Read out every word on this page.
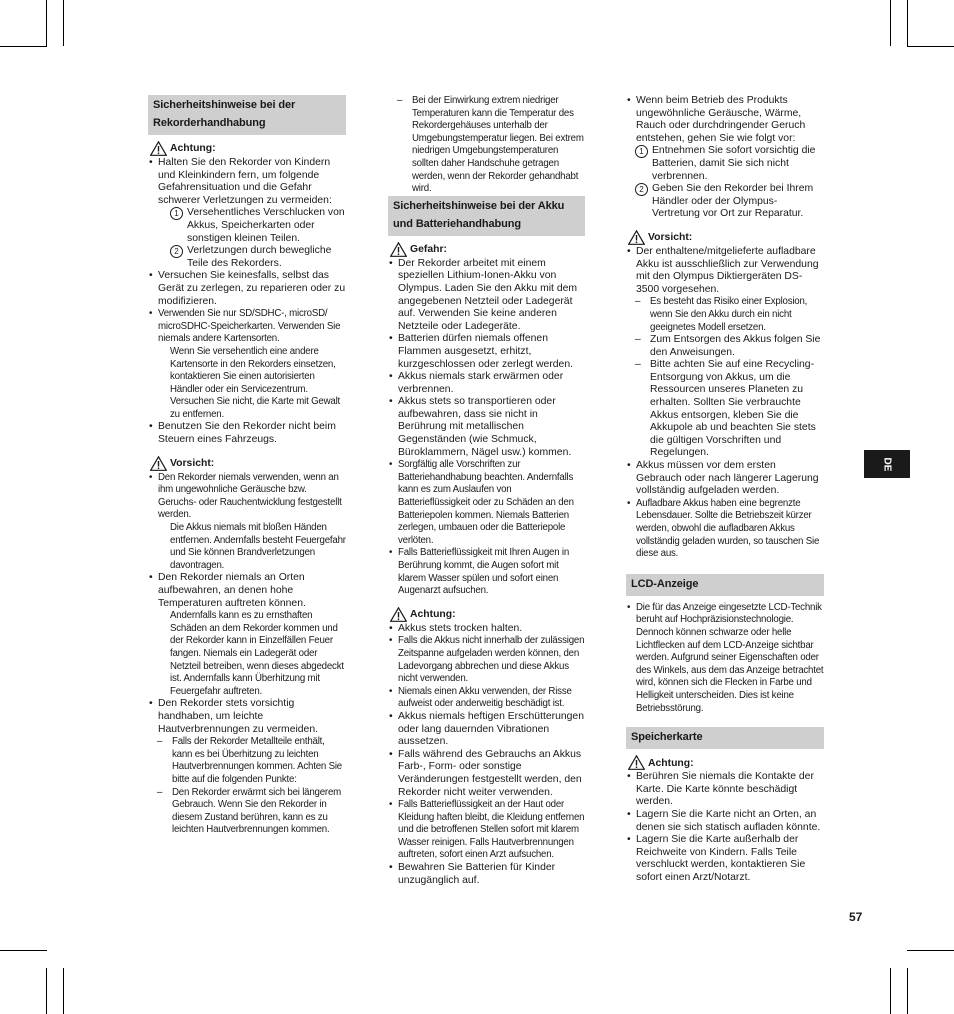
Sicherheitshinweise bei der Rekorderhandhabung
Achtung:
• Halten Sie den Rekorder von Kindern und Kleinkindern fern, um folgende Gefahrensituation und die Gefahr schwerer Verletzungen zu vermeiden:
1 Versehentliches Verschlucken von Akkus, Speicherkarten oder sonstigen kleinen Teilen.
2 Verletzungen durch bewegliche Teile des Rekorders.
• Versuchen Sie keinesfalls, selbst das Gerät zu zerlegen, zu reparieren oder zu modifizieren.
• Verwenden Sie nur SD/SDHC-, microSD/ microSDHC-Speicherkarten. Verwenden Sie niemals andere Kartensorten.
Wenn Sie versehentlich eine andere Kartensorte in den Rekorders einsetzen, kontaktieren Sie einen autorisierten Händler oder ein Servicezentrum. Versuchen Sie nicht, die Karte mit Gewalt zu entfernen.
• Benutzen Sie den Rekorder nicht beim Steuern eines Fahrzeugs.
Vorsicht:
• Den Rekorder niemals verwenden, wenn an ihm ungewohnliche Geräusche bzw. Geruchs- oder Rauchentwicklung festgestellt werden.
Die Akkus niemals mit bloßen Händen entfernen. Andernfalls besteht Feuergefahr und Sie können Brandverletzungen davontragen.
• Den Rekorder niemals an Orten aufbewahren, an denen hohe Temperaturen auftreten können.
Andernfalls kann es zu ernsthaften Schäden an dem Rekorder kommen und der Rekorder kann in Einzelfällen Feuer fangen. Niemals ein Ladegerät oder Netzteil betreiben, wenn dieses abgedeckt ist. Andernfalls kann Überhitzung mit Feuergefahr auftreten.
• Den Rekorder stets vorsichtig handhaben, um leichte Hautverbrennungen zu vermeiden.
–	Falls der Rekorder Metallteile enthält, kann es bei Überhitzung zu leichten Hautverbrennungen kommen. Achten Sie bitte auf die folgenden Punkte:
–	Den Rekorder erwärmt sich bei längerem Gebrauch. Wenn Sie den Rekorder in diesem Zustand berühren, kann es zu leichten Hautverbrennungen kommen.
–	Bei der Einwirkung extrem niedriger Temperaturen kann die Temperatur des Rekordergehäuses unterhalb der Umgebungstemperatur liegen. Bei extrem niedrigen Umgebungstemperaturen sollten daher Handschuhe getragen werden, wenn der Rekorder gehandhabt wird.
Sicherheitshinweise bei der Akku und Batteriehandhabung
Gefahr:
• Der Rekorder arbeitet mit einem speziellen Lithium-Ionen-Akku von Olympus. Laden Sie den Akku mit dem angegebenen Netzteil oder Ladegerät auf. Verwenden Sie keine anderen Netzteile oder Ladegeräte.
• Batterien dürfen niemals offenen Flammen ausgesetzt, erhitzt, kurzgeschlossen oder zerlegt werden.
• Akkus niemals stark erwärmen oder verbrennen.
• Akkus stets so transportieren oder aufbewahren, dass sie nicht in Berührung mit metallischen Gegenständen (wie Schmuck, Büroklammern, Nägel usw.) kommen.
• Sorgfältig alle Vorschriften zur Batteriehandhabung beachten. Andernfalls kann es zum Auslaufen von Batterieflüssigkeit oder zu Schäden an den Batteriepolen kommen. Niemals Batterien zerlegen, umbauen oder die Batteriepole verlöten.
• Falls Batterieflüssigkeit mit Ihren Augen in Berührung kommt, die Augen sofort mit klarem Wasser spülen und sofort einen Augenarzt aufsuchen.
Achtung:
• Akkus stets trocken halten.
• Falls die Akkus nicht innerhalb der zulässigen Zeitspanne aufgeladen werden können, den Ladevorgang abbrechen und diese Akkus nicht verwenden.
• Niemals einen Akku verwenden, der Risse aufweist oder anderweitig beschädigt ist.
• Akkus niemals heftigen Erschütterungen oder lang dauernden Vibrationen aussetzen.
• Falls während des Gebrauchs an Akkus Farb-, Form- oder sonstige Veränderungen festgestellt werden, den Rekorder nicht weiter verwenden.
• Falls Batterieflüssigkeit an der Haut oder Kleidung haften bleibt, die Kleidung entfernen und die betroffenen Stellen sofort mit klarem Wasser reinigen. Falls Hautverbrennungen auftreten, sofort einen Arzt aufsuchen.
• Bewahren Sie Batterien für Kinder unzugänglich auf.
• Wenn beim Betrieb des Produkts ungewöhnliche Geräusche, Wärme, Rauch oder durchdringender Geruch entstehen, gehen Sie wie folgt vor:
1 Entnehmen Sie sofort vorsichtig die Batterien, damit Sie sich nicht verbrennen.
2 Geben Sie den Rekorder bei Ihrem Händler oder der Olympus-Vertretung vor Ort zur Reparatur.
Vorsicht:
• Der enthaltene/mitgelieferte aufladbare Akku ist ausschließlich zur Verwendung mit den Olympus Diktiergeräten DS-3500 vorgesehen.
–	Es besteht das Risiko einer Explosion, wenn Sie den Akku durch ein nicht geeignetes Modell ersetzen.
– Zum Entsorgen des Akkus folgen Sie den Anweisungen.
– Bitte achten Sie auf eine Recycling-Entsorgung von Akkus, um die Ressourcen unseres Planeten zu erhalten. Sollten Sie verbrauchte Akkus entsorgen, kleben Sie die Akkupole ab und beachten Sie stets die gültigen Vorschriften und Regelungen.
• Akkus müssen vor dem ersten Gebrauch oder nach längerer Lagerung vollständig aufgeladen werden.
• Aufladbare Akkus haben eine begrenzte Lebensdauer. Sollte die Betriebszeit kürzer werden, obwohl die aufladbaren Akkus vollständig geladen wurden, so tauschen Sie diese aus.
LCD-Anzeige
• Die für das Anzeige eingesetzte LCD-Technik beruht auf Hochpräzisionstechnologie. Dennoch können schwarze oder helle Lichtflecken auf dem LCD-Anzeige sichtbar werden. Aufgrund seiner Eigenschaften oder des Winkels, aus dem das Anzeige betrachtet wird, können sich die Flecken in Farbe und Helligkeit unterscheiden. Dies ist keine Betriebsstörung.
Speicherkarte
Achtung:
• Berühren Sie niemals die Kontakte der Karte. Die Karte könnte beschädigt werden.
• Lagern Sie die Karte nicht an Orten, an denen sie sich statisch aufladen könnte.
• Lagern Sie die Karte außerhalb der Reichweite von Kindern. Falls Teile verschluckt werden, kontaktieren Sie sofort einen Arzt/Notarzt.
DE
57
